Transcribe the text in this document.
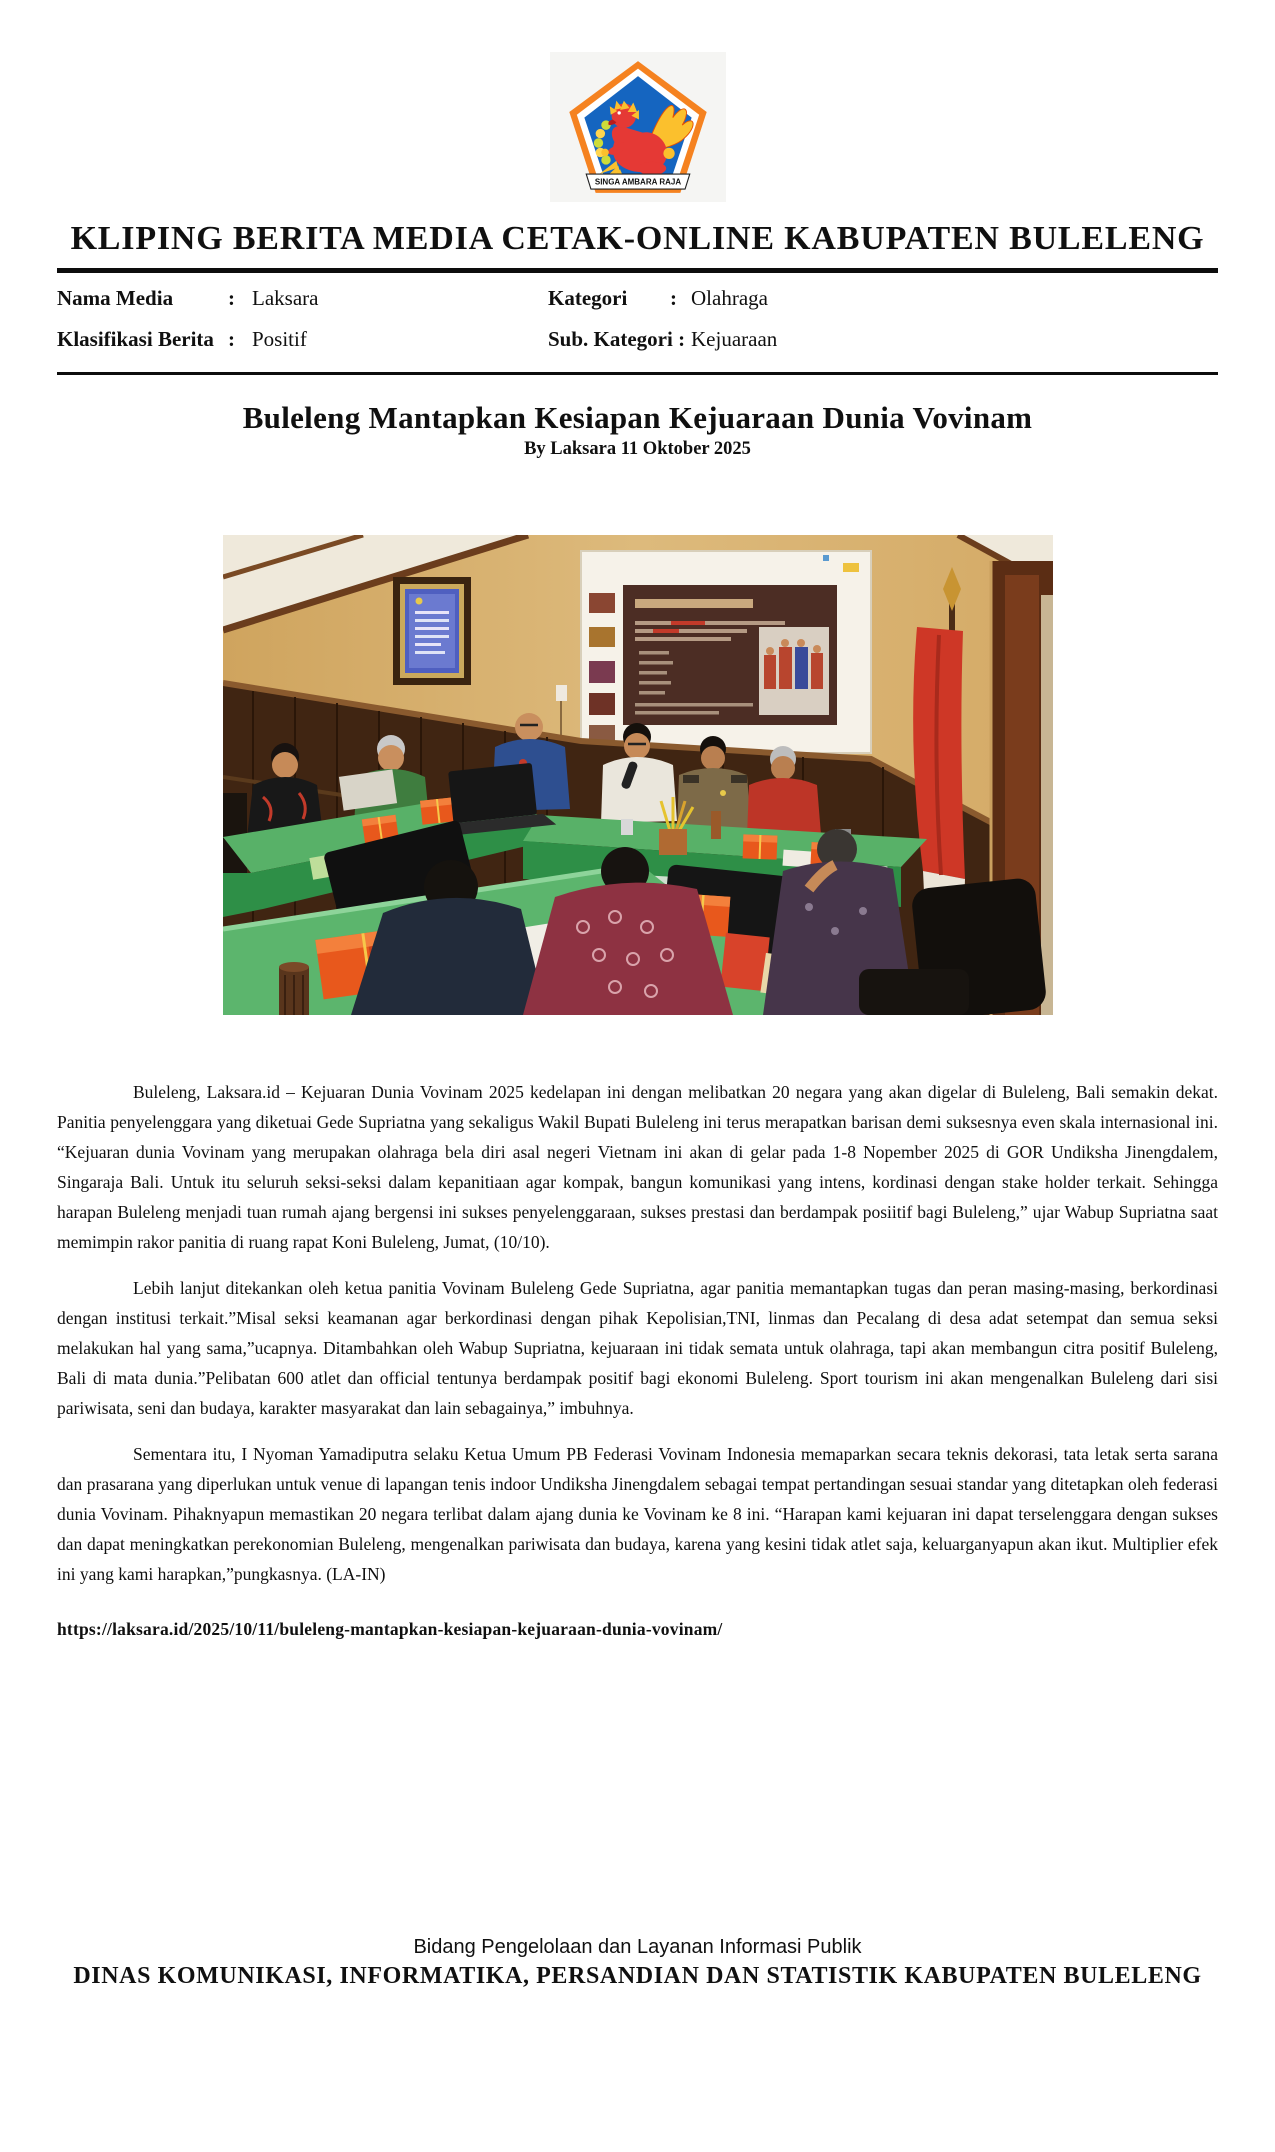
SINGA AMBARA RAJA
KLIPING BERITA MEDIA CETAK-ONLINE KABUPATEN BULELENG
Nama Media	: Laksara	Kategori	: Olahraga
Klasifikasi Berita : Positif	Sub. Kategori : Kejuaraan
Buleleng Mantapkan Kesiapan Kejuaraan Dunia Vovinam
By Laksara 11 Oktober 2025

Buleleng, Laksara.id – Kejuaran Dunia Vovinam 2025 kedelapan ini dengan melibatkan 20 negara yang akan digelar di Buleleng, Bali semakin dekat. Panitia penyelenggara yang diketuai Gede Supriatna yang sekaligus Wakil Bupati Buleleng ini terus merapatkan barisan demi suksesnya even skala internasional ini. “Kejuaran dunia Vovinam yang merupakan olahraga bela diri asal negeri Vietnam ini akan di gelar pada 1-8 Nopember 2025 di GOR Undiksha Jinengdalem, Singaraja Bali. Untuk itu seluruh seksi-seksi dalam kepanitiaan agar kompak, bangun komunikasi yang intens, kordinasi dengan stake holder terkait. Sehingga harapan Buleleng menjadi tuan rumah ajang bergensi ini sukses penyelenggaraan, sukses prestasi dan berdampak posiitif bagi Buleleng,” ujar Wabup Supriatna saat memimpin rakor panitia di ruang rapat Koni Buleleng, Jumat, (10/10).

Lebih lanjut ditekankan oleh ketua panitia Vovinam Buleleng Gede Supriatna, agar panitia memantapkan tugas dan peran masing-masing, berkordinasi dengan institusi terkait.”Misal seksi keamanan agar berkordinasi dengan pihak Kepolisian,TNI, linmas dan Pecalang di desa adat setempat dan semua seksi melakukan hal yang sama,”ucapnya. Ditambahkan oleh Wabup Supriatna, kejuaraan ini tidak semata untuk olahraga, tapi akan membangun citra positif Buleleng, Bali di mata dunia.”Pelibatan 600 atlet dan official tentunya berdampak positif bagi ekonomi Buleleng. Sport tourism ini akan mengenalkan Buleleng dari sisi pariwisata, seni dan budaya, karakter masyarakat dan lain sebagainya,” imbuhnya.

Sementara itu, I Nyoman Yamadiputra selaku Ketua Umum PB Federasi Vovinam Indonesia memaparkan secara teknis dekorasi, tata letak serta sarana dan prasarana yang diperlukan untuk venue di lapangan tenis indoor Undiksha Jinengdalem sebagai tempat pertandingan sesuai standar yang ditetapkan oleh federasi dunia Vovinam. Pihaknyapun memastikan 20 negara terlibat dalam ajang dunia ke Vovinam ke 8 ini. “Harapan kami kejuaran ini dapat terselenggara dengan sukses dan dapat meningkatkan perekonomian Buleleng, mengenalkan pariwisata dan budaya, karena yang kesini tidak atlet saja, keluarganyapun akan ikut. Multiplier efek ini yang kami harapkan,”pungkasnya. (LA-IN)

https://laksara.id/2025/10/11/buleleng-mantapkan-kesiapan-kejuaraan-dunia-vovinam/
Bidang Pengelolaan dan Layanan Informasi Publik
DINAS KOMUNIKASI, INFORMATIKA, PERSANDIAN DAN STATISTIK KABUPATEN BULELENG
